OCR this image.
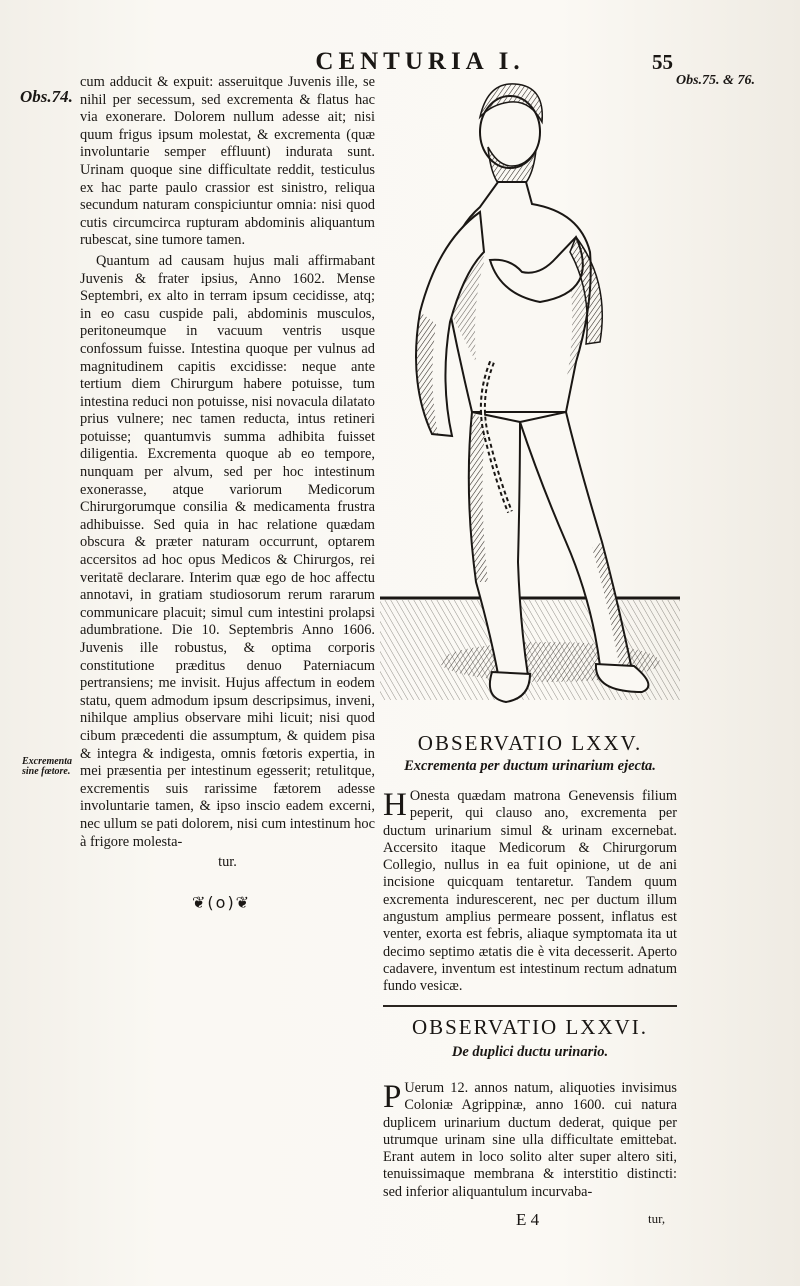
CENTURIA I.	55
Obs.75. & 76.
Obs.74.
Excrementa sine fœtore.

cum adducit & expuit: asseruitque Juvenis ille, se nihil per secessum, sed excrementa & flatus hac via exonerare. Dolorem nullum adesse ait; nisi quum frigus ipsum molestat, & excrementa (quæ involuntarie semper effluunt) indurata sunt. Urinam quoque sine difficultate reddit, testiculus ex hac parte paulo crassior est sinistro, reliqua secundum naturam conspiciuntur omnia: nisi quod cutis circumcirca rupturam abdominis aliquantum rubescat, sine tumore tamen.

Quantum ad causam hujus mali affirmabant Juvenis & frater ipsius, Anno 1602. Mense Septembri, ex alto in terram ipsum cecidisse, atq; in eo casu cuspide pali, abdominis musculos, peritoneumque in vacuum ventris usque confossum fuisse. Intestina quoque per vulnus ad magnitudinem capitis excidisse: neque ante tertium diem Chirurgum habere potuisse, tum intestina reduci non potuisse, nisi novacula dilatato prius vulnere; nec tamen reducta, intus retineri potuisse; quantumvis summa adhibita fuisset diligentia. Excrementa quoque ab eo tempore, nunquam per alvum, sed per hoc intestinum exonerasse, atque variorum Medicorum Chirurgorumque consilia & medicamenta frustra adhibuisse. Sed quia in hac relatione quædam obscura & præter naturam occurrunt, optarem accersitos ad hoc opus Medicos & Chirurgos, rei veritatē declarare. Interim quæ ego de hoc affectu annotavi, in gratiam studiosorum rerum rararum communicare placuit; simul cum intestini prolapsi adumbratione. Die 10. Septembris Anno 1606. Juvenis ille robustus, & optima corporis constitutione præditus denuo Paterniacum pertransiens; me invisit. Hujus affectum in eodem statu, quem admodum ipsum descripsimus, inveni, nihilque amplius observare mihi licuit; nisi quod cibum præcedenti die assumptum, & quidem pisa & integra & indigesta, omnis fœtoris expertia, in mei præsentia per intestinum egesserit; retulitque, excrementis suis rarissime fætorem adesse involuntarie tamen, & ipso inscio eadem excerni, nec ullum se pati dolorem, nisi cum intestinum hoc à frigore molesta-

tur.
❦(o)❦
OBSERVATIO LXXV.
Excrementa per ductum urinarium ejecta.

H Onesta quædam matrona Genevensis filium peperit, qui clauso ano, excrementa per ductum urinarium simul & urinam excernebat. Accersito itaque Medicorum & Chirurgorum Collegio, nullus in ea fuit opinione, ut de ani incisione quicquam tentaretur. Tandem quum excrementa indurescerent, nec per ductum illum angustum amplius permeare possent, inflatus est venter, exorta est febris, aliaque symptomata ita ut decimo septimo ætatis die è vita decesserit. Aperto cadavere, inventum est intestinum rectum adnatum fundo vesicæ.

OBSERVATIO LXXVI.
De duplici ductu urinario.

P Uerum 12. annos natum, aliquoties invisimus Coloniæ Agrippinæ, anno 1600. cui natura duplicem urinarium ductum dederat, quique per utrumque urinam sine ulla difficultate emittebat. Erant autem in loco solito alter super altero siti, tenuissimaque membrana & interstitio distincti: sed inferior aliquantulum incurvaba-

E 4	tur,
